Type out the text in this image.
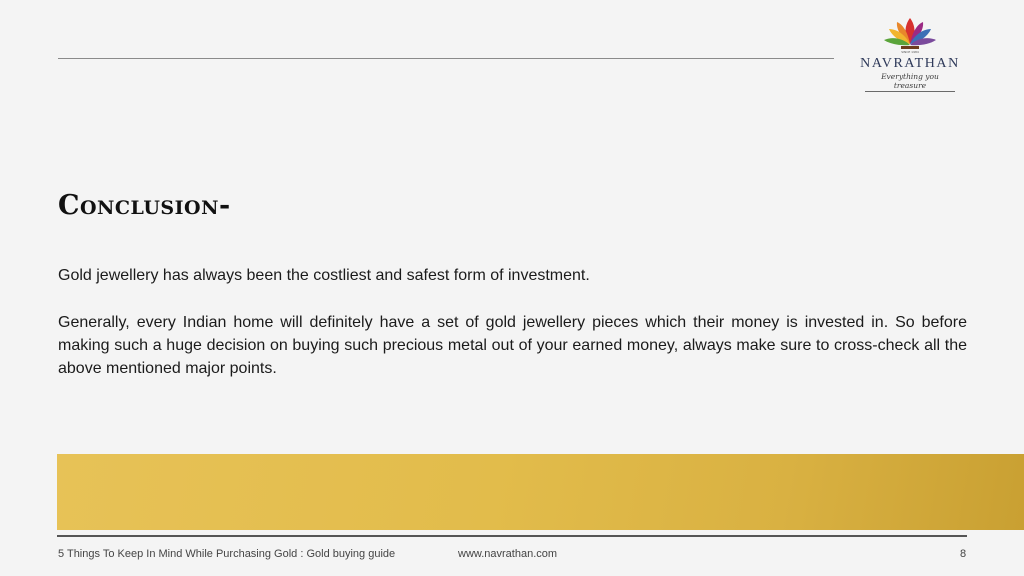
SINCE 1984
NAVRATHAN
Everything you treasure
Conclusion-

Gold jewellery has always been the costliest and safest form of investment.

Generally, every Indian home will definitely have a set of gold jewellery pieces which their money is invested in. So before making such a huge decision on buying such precious metal out of your earned money, always make sure to cross-check all the above mentioned major points.

5 Things To Keep In Mind While Purchasing Gold : Gold buying guide	www.navrathan.com	8
